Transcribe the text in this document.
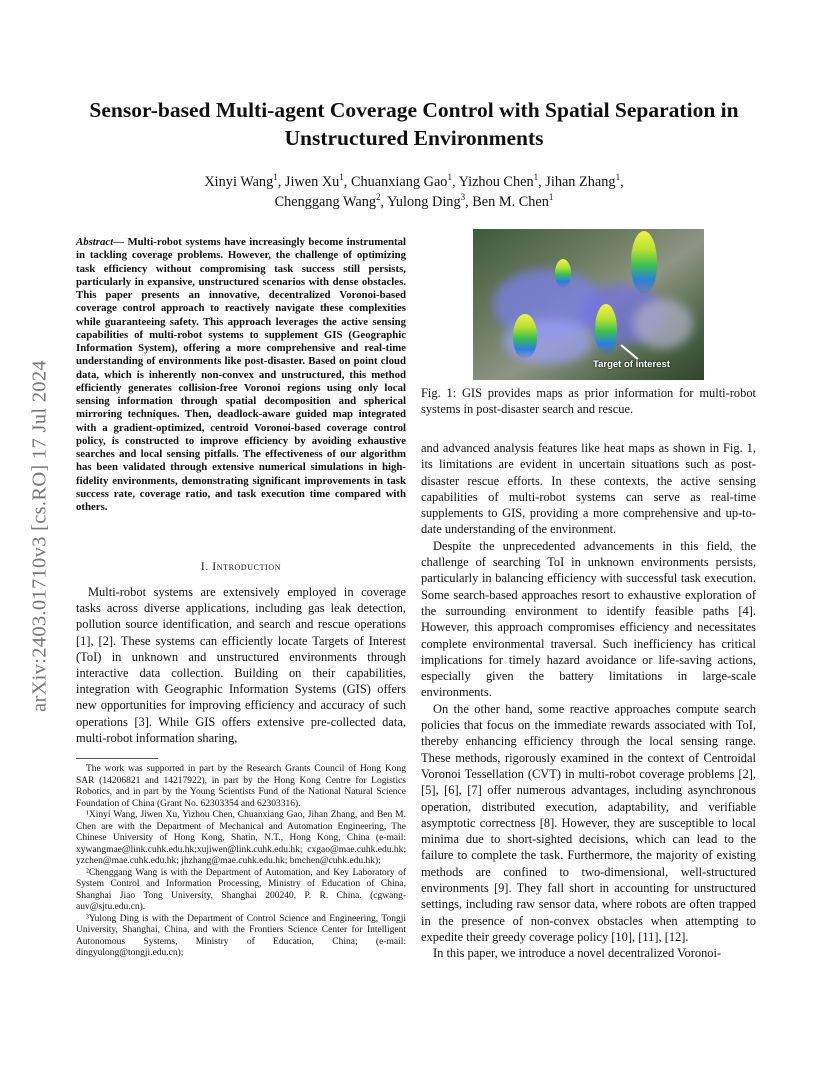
arXiv:2403.01710v3 [cs.RO] 17 Jul 2024
Sensor-based Multi-agent Coverage Control with Spatial Separation in
Unstructured Environments
Xinyi Wang$^1$, Jiwen Xu$^1$, Chuanxiang Gao$^1$, Yizhou Chen$^1$, Jihan Zhang$^1$,
Chenggang Wang$^2$, Yulong Ding$^3$, Ben M. Chen$^1$
Abstract— Multi-robot systems have increasingly become instrumental in tackling coverage problems. However, the challenge of optimizing task efficiency without compromising task success still persists, particularly in expansive, unstructured scenarios with dense obstacles. This paper presents an innovative, decentralized Voronoi-based coverage control approach to reactively navigate these complexities while guaranteeing safety. This approach leverages the active sensing capabilities of multi-robot systems to supplement GIS (Geographic Information System), offering a more comprehensive and real-time understanding of environments like post-disaster. Based on point cloud data, which is inherently non-convex and unstructured, this method efficiently generates collision-free Voronoi regions using only local sensing information through spatial decomposition and spherical mirroring techniques. Then, deadlock-aware guided map integrated with a gradient-optimized, centroid Voronoi-based coverage control policy, is constructed to improve efficiency by avoiding exhaustive searches and local sensing pitfalls. The effectiveness of our algorithm has been validated through extensive numerical simulations in high-fidelity environments, demonstrating significant improvements in task success rate, coverage ratio, and task execution time compared with others.
I. Introduction

Multi-robot systems are extensively employed in coverage tasks across diverse applications, including gas leak detection, pollution source identification, and search and rescue operations [1], [2]. These systems can efficiently locate Targets of Interest (ToI) in unknown and unstructured environments through interactive data collection. Building on their capabilities, integration with Geographic Information Systems (GIS) offers new opportunities for improving efficiency and accuracy of such operations [3]. While GIS offers extensive pre-collected data, multi-robot information sharing,

The work was supported in part by the Research Grants Council of Hong Kong SAR (14206821 and 14217922), in part by the Hong Kong Centre for Logistics Robotics, and in part by the Young Scientists Fund of the National Natural Science Foundation of China (Grant No. 62303354 and 62303316).

¹Xinyi Wang, Jiwen Xu, Yizhou Chen, Chuanxiang Gao, Jihan Zhang, and Ben M. Chen are with the Department of Mechanical and Automation Engineering, The Chinese University of Hong Kong, Shatin, N.T., Hong Kong, China (e-mail: xywangmae@link.cuhk.edu.hk;xujiwen@link.cuhk.edu.hk; cxgao@mae.cuhk.edu.hk; yzchen@mae.cuhk.edu.hk; jhzhang@mae.cuhk.edu.hk; bmchen@cuhk.edu.hk);

²Chenggang Wang is with the Department of Automation, and Key Laboratory of System Control and Information Processing, Ministry of Education of China, Shanghai Jiao Tong University, Shanghai 200240, P. R. China. (cgwang-auv@sjtu.edu.cn).

³Yulong Ding is with the Department of Control Science and Engineering, Tongji University, Shanghai, China, and with the Frontiers Science Center for Intelligent Autonomous Systems, Ministry of Education, China; (e-mail: dingyulong@tongji.edu.cn);

Target of interest
Fig. 1: GIS provides maps as prior information for multi-robot systems in post-disaster search and rescue.

and advanced analysis features like heat maps as shown in Fig. 1, its limitations are evident in uncertain situations such as post-disaster rescue efforts. In these contexts, the active sensing capabilities of multi-robot systems can serve as real-time supplements to GIS, providing a more comprehensive and up-to-date understanding of the environment.

Despite the unprecedented advancements in this field, the challenge of searching ToI in unknown environments persists, particularly in balancing efficiency with successful task execution. Some search-based approaches resort to exhaustive exploration of the surrounding environment to identify feasible paths [4]. However, this approach compromises efficiency and necessitates complete environmental traversal. Such inefficiency has critical implications for timely hazard avoidance or life-saving actions, especially given the battery limitations in large-scale environments.

On the other hand, some reactive approaches compute search policies that focus on the immediate rewards associated with ToI, thereby enhancing efficiency through the local sensing range. These methods, rigorously examined in the context of Centroidal Voronoi Tessellation (CVT) in multi-robot coverage problems [2], [5], [6], [7] offer numerous advantages, including asynchronous operation, distributed execution, adaptability, and verifiable asymptotic correctness [8]. However, they are susceptible to local minima due to short-sighted decisions, which can lead to the failure to complete the task. Furthermore, the majority of existing methods are confined to two-dimensional, well-structured environments [9]. They fall short in accounting for unstructured settings, including raw sensor data, where robots are often trapped in the presence of non-convex obstacles when attempting to expedite their greedy coverage policy [10], [11], [12].

In this paper, we introduce a novel decentralized Voronoi-
